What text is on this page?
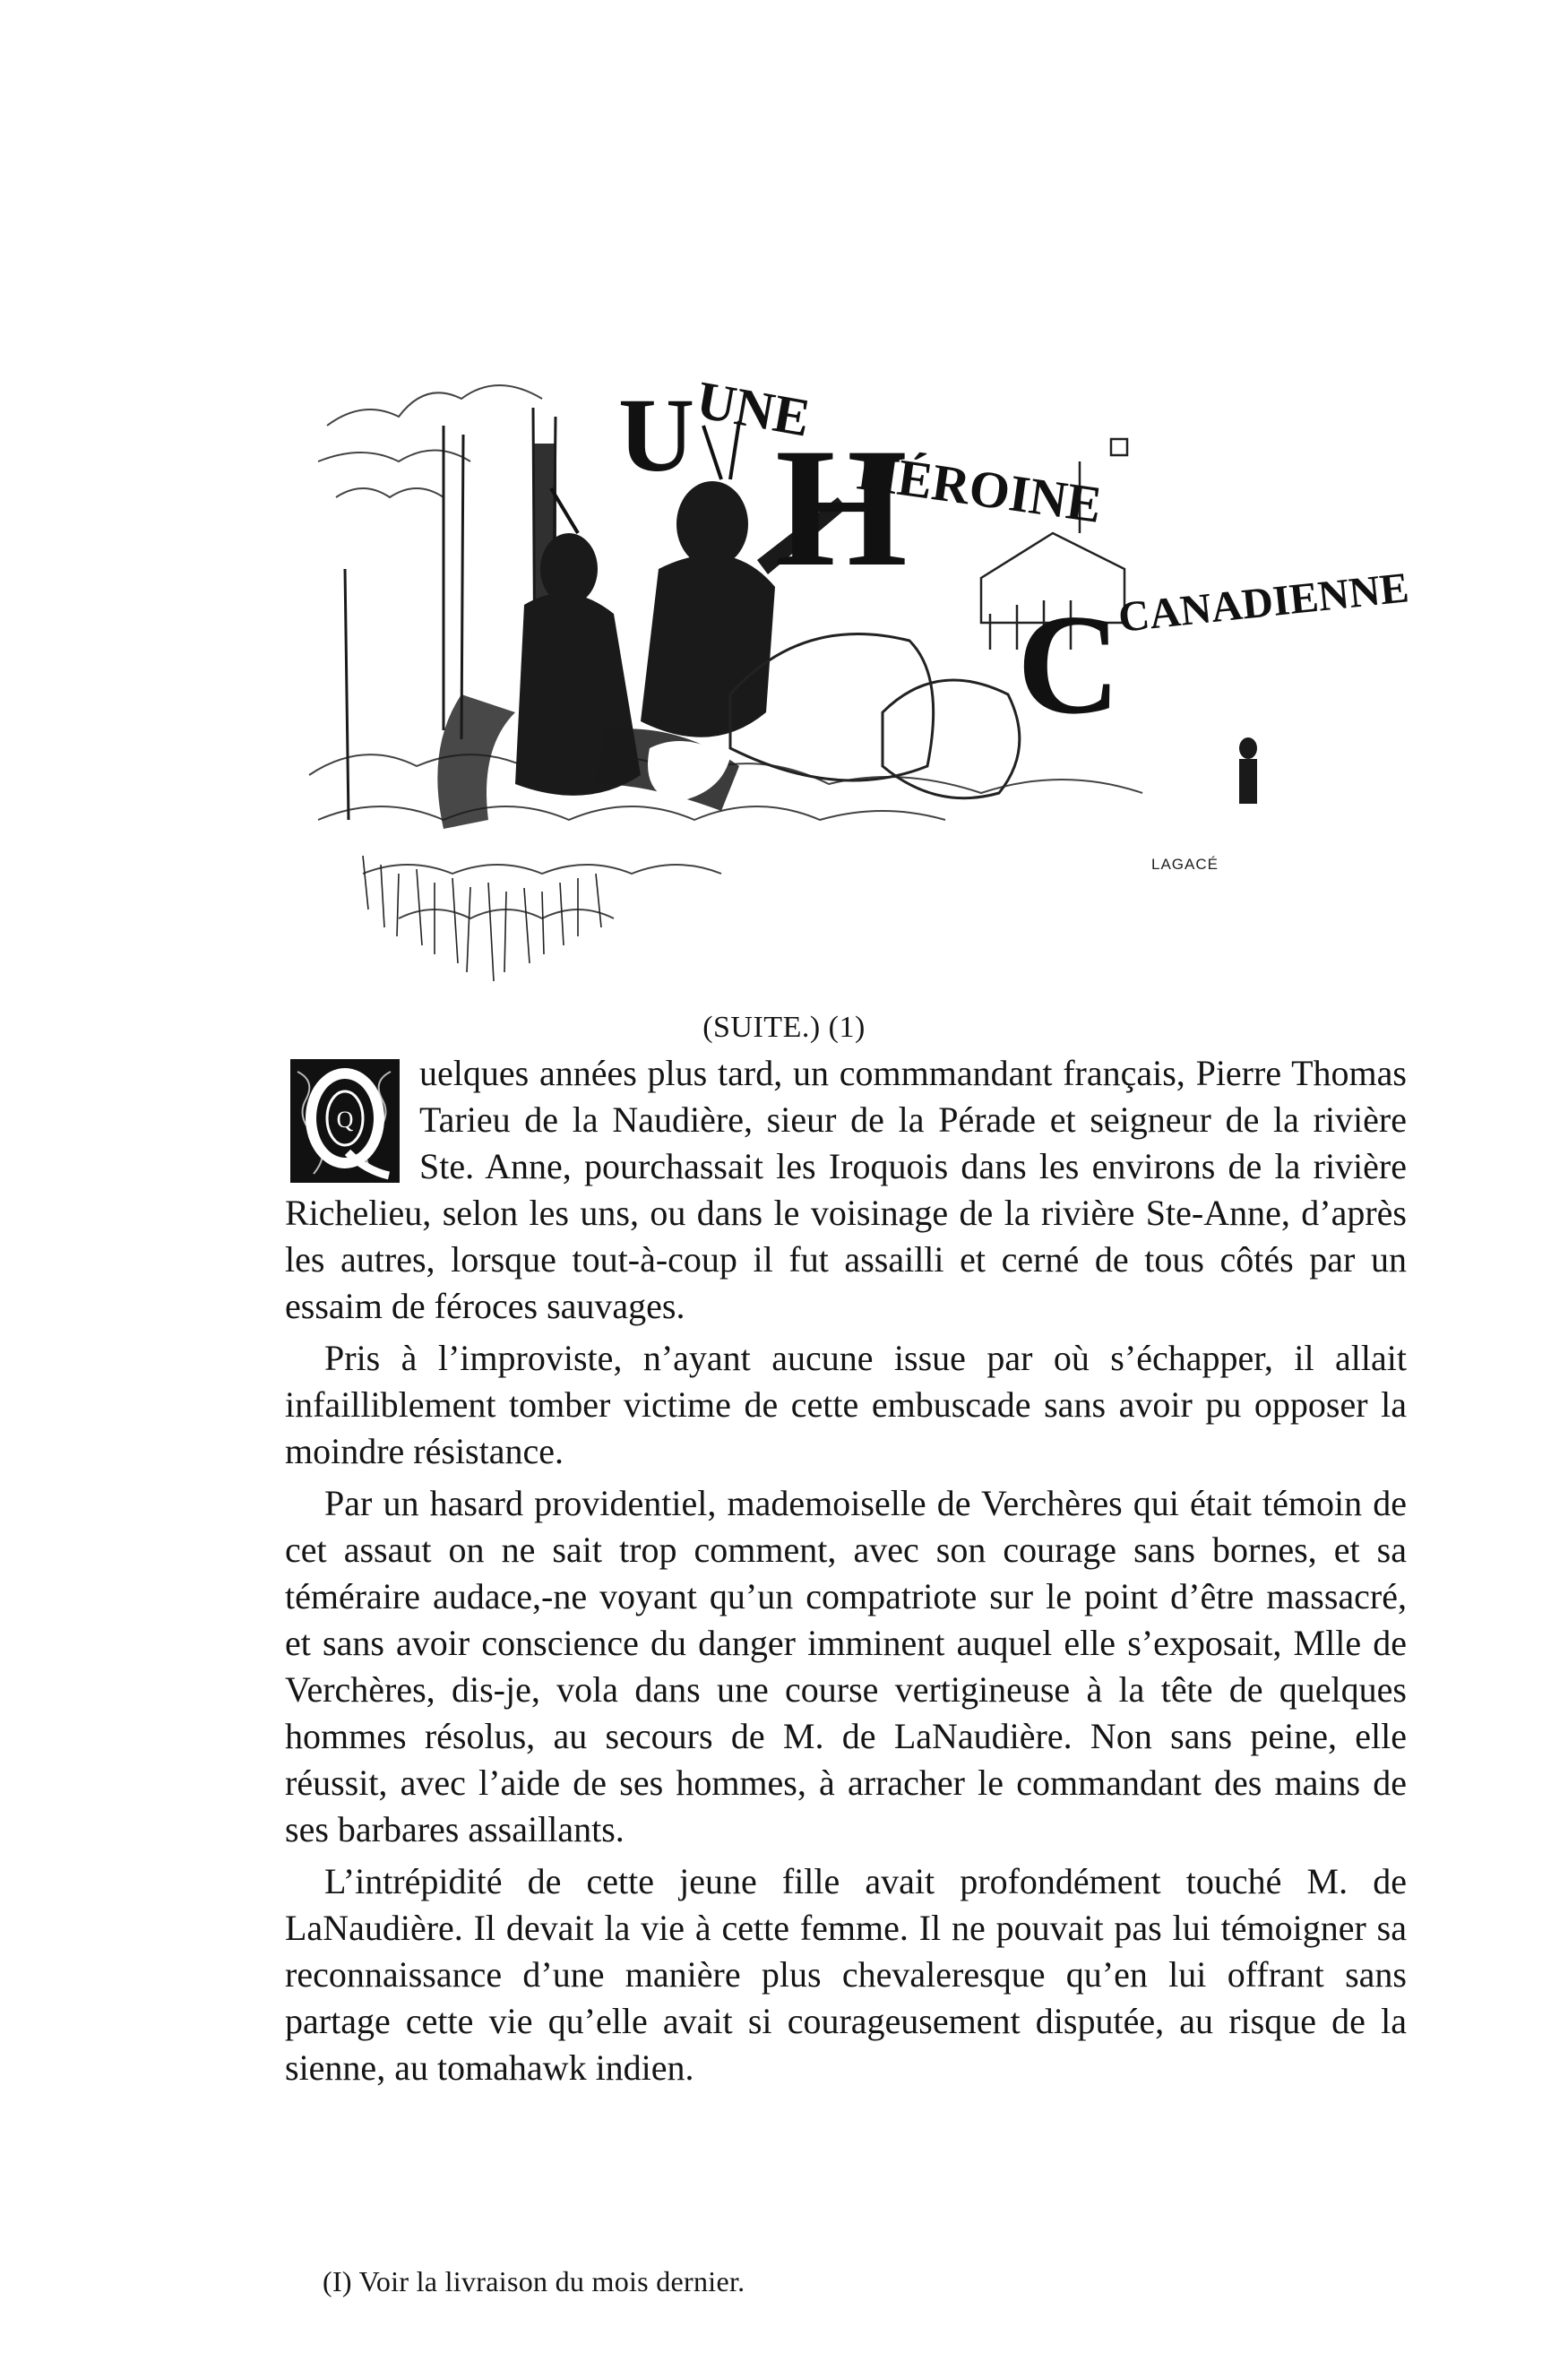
U
UNE
H
HÉROINE
C
CANADIENNE
LAGACÉ
(SUITE.) (1)

Q
uelques années plus tard, un commmandant français, Pierre Thomas Tarieu de la Naudière, sieur de la Pérade et seigneur de la rivière Ste. Anne, pourchassait les Iroquois dans les environs de la rivière Richelieu, selon les uns, ou dans le voisinage de la rivière Ste-Anne, d’après les autres, lorsque tout-à-coup il fut assailli et cerné de tous côtés par un essaim de féroces sauvages.

Pris à l’improviste, n’ayant aucune issue par où s’échapper, il allait infailliblement tomber victime de cette embuscade sans avoir pu opposer la moindre résistance.

Par un hasard providentiel, mademoiselle de Verchères qui était témoin de cet assaut on ne sait trop comment, avec son courage sans bornes, et sa téméraire audace,-ne voyant qu’un compatriote sur le point d’être massacré, et sans avoir conscience du danger imminent auquel elle s’exposait, Mlle de Verchères, dis-je, vola dans une course vertigineuse à la tête de quelques hommes résolus, au secours de M. de LaNaudière. Non sans peine, elle réussit, avec l’aide de ses hommes, à arracher le commandant des mains de ses barbares assaillants.

L’intrépidité de cette jeune fille avait profondément touché M. de LaNaudière. Il devait la vie à cette femme. Il ne pouvait pas lui témoigner sa reconnaissance d’une manière plus chevaleresque qu’en lui offrant sans partage cette vie qu’elle avait si courageusement disputée, au risque de la sienne, au tomahawk indien.

(I) Voir la livraison du mois dernier.
